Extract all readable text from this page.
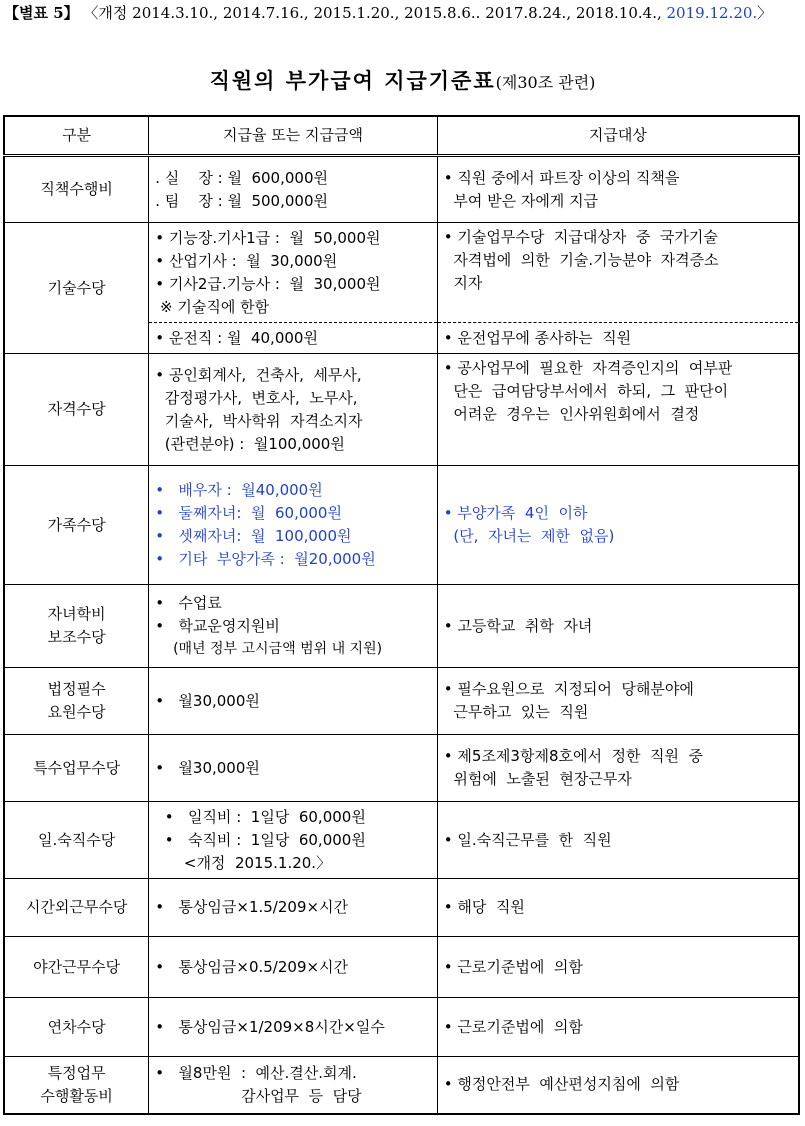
【별표 5】 〈개정 2014.3.10., 2014.7.16., 2015.1.20., 2015.8.6.. 2017.8.24., 2018.10.4., 2019.12.20.〉
직원의 부가급여 지급기준표(제30조 관련)
구분	지급율 또는 지급금액	지급대상

직책수행비	. 실    장 : 월  600,000원
. 팀    장 : 월  500,000원	• 직원 중에서 파트장 이상의 직책을
부여 받은 자에게 지급

기술수당	• 기능장.기사1급 :  월  50,000원
• 산업기사 :  월  30,000원
• 기사2급.기능사 :  월  30,000원
※ 기술직에 한함	• 기술업무수당  지급대상자  중  국가기술
자격법에  의한  기술.기능분야  자격증소
지자

	• 운전직 : 월  40,000원	• 운전업무에 종사하는  직원

자격수당	• 공인회계사,  건축사,  세무사,
감정평가사,  변호사,  노무사,
기술사,  박사학위  자격소지자
(관련분야) :  월100,000원	• 공사업무에  필요한  자격증인지의  여부판
단은  급여담당부서에서  하되,  그  판단이
어려운  경우는  인사위원회에서  결정

가족수당	•   배우자 :  월40,000원
•   둘째자녀:  월  60,000원
•   셋째자녀:  월  100,000원
•   기타  부양가족 :  월20,000원	• 부양가족  4인  이하
(단,  자녀는  제한  없음)

자녀학비
보조수당	•   수업료
•   학교운영지원비
(매년 정부 고시금액 범위 내 지원)	• 고등학교  취학  자녀

법정필수
요원수당	•   월30,000원	• 필수요원으로  지정되어  당해분야에
근무하고  있는  직원

특수업무수당	•   월30,000원	• 제5조제3항제8호에서  정한  직원  중
위험에  노출된  현장근무자

일.숙직수당	•   일직비 :  1일당  60,000원
•   숙직비 :  1일당  60,000원
<개정  2015.1.20.〉	• 일.숙직근무를  한  직원

시간외근무수당	•   통상임금×1.5/209×시간	• 해당  직원

야간근무수당	•   통상임금×0.5/209×시간	• 근로기준법에  의함

연차수당	•   통상임금×1/209×8시간×일수	• 근로기준법에  의함

특정업무
수행활동비	•   월8만원  :  예산.결산.회계.
감사업무  등  담당	• 행정안전부  예산편성지침에  의함
